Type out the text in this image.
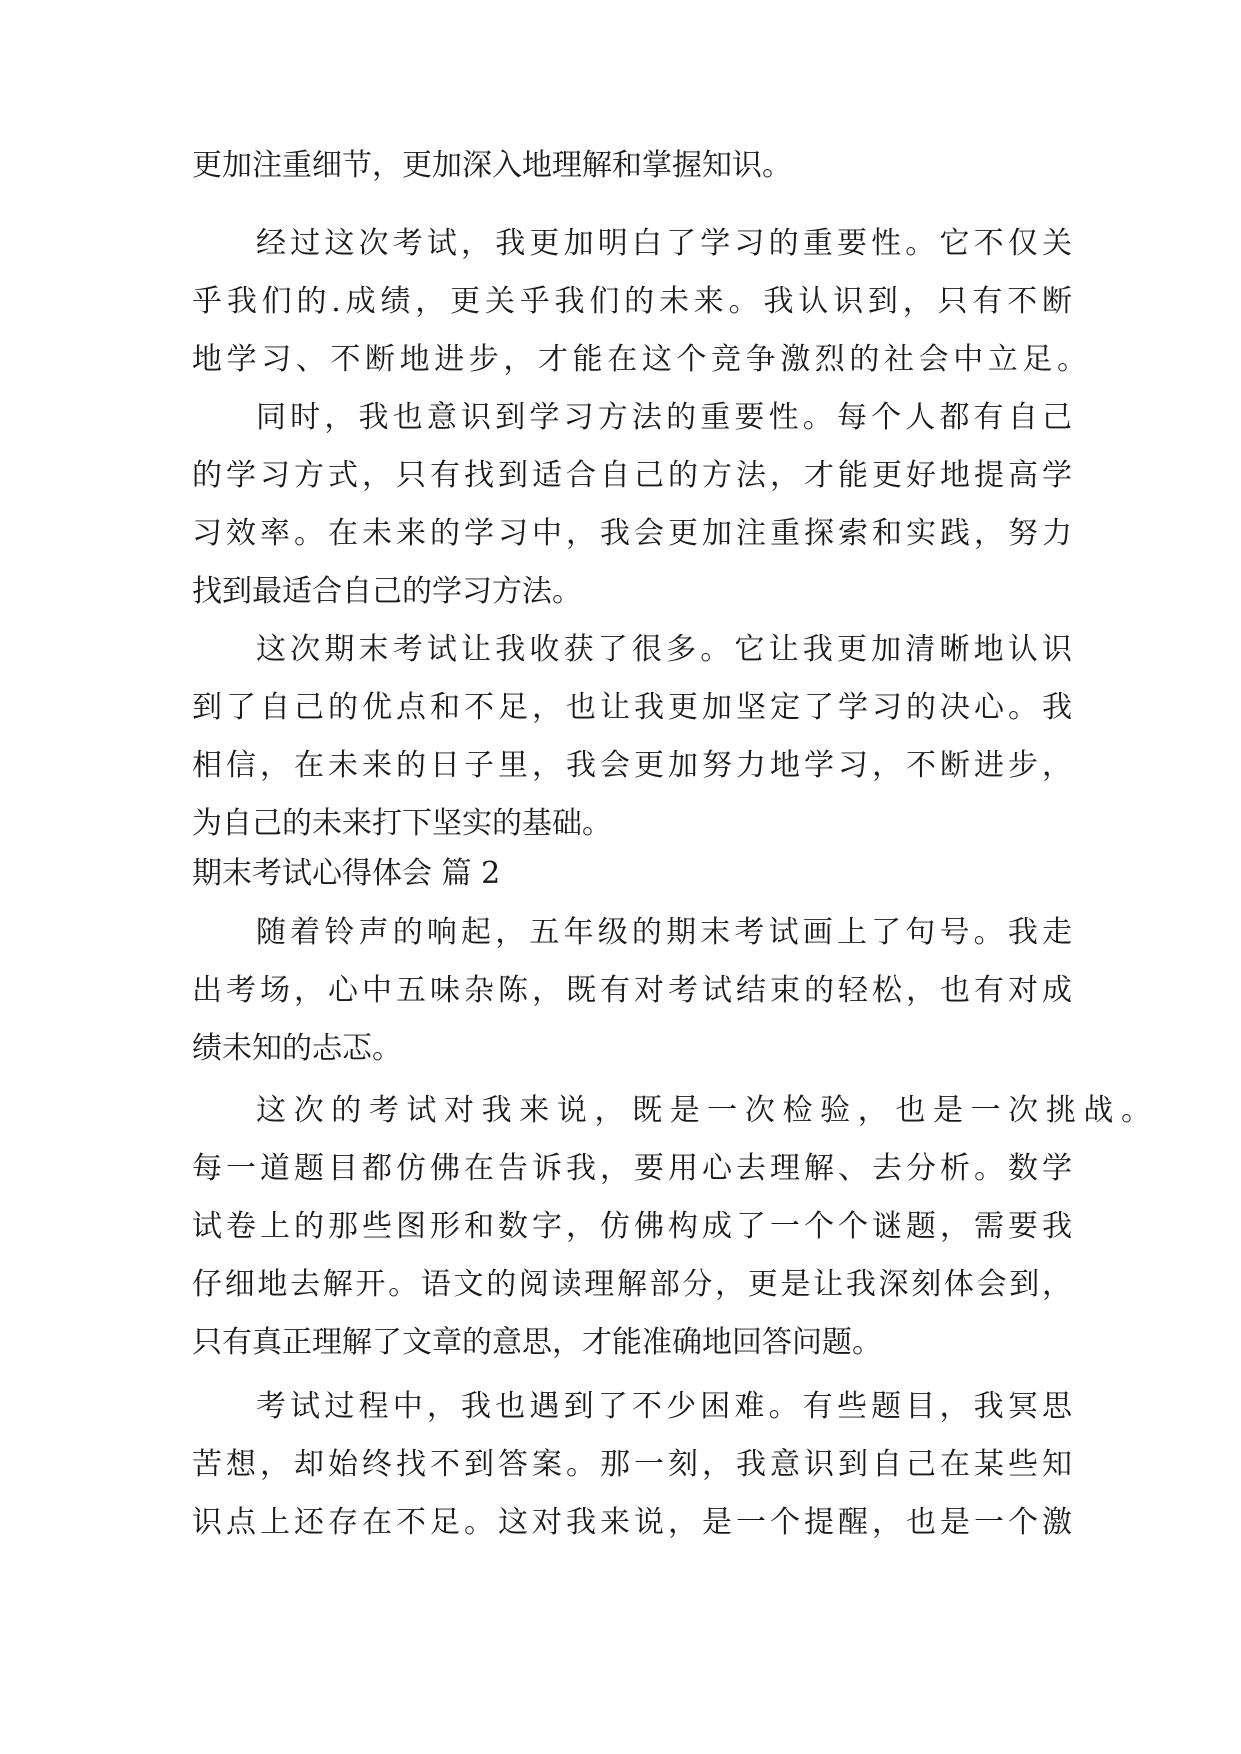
更加注重细节，更加深入地理解和掌握知识。
经过这次考试，我更加明白了学习的重要性。它不仅关
乎我们的.成绩，更关乎我们的未来。我认识到，只有不断
地学习、不断地进步，才能在这个竞争激烈的社会中立足。
同时，我也意识到学习方法的重要性。每个人都有自己
的学习方式，只有找到适合自己的方法，才能更好地提高学
习效率。在未来的学习中，我会更加注重探索和实践，努力
找到最适合自己的学习方法。
这次期末考试让我收获了很多。它让我更加清晰地认识
到了自己的优点和不足，也让我更加坚定了学习的决心。我
相信，在未来的日子里，我会更加努力地学习，不断进步，
为自己的未来打下坚实的基础。
期末考试心得体会 篇 2
随着铃声的响起，五年级的期末考试画上了句号。我走
出考场，心中五味杂陈，既有对考试结束的轻松，也有对成
绩未知的忐忑。
这次的考试对我来说，既是一次检验，也是一次挑战。
每一道题目都仿佛在告诉我，要用心去理解、去分析。数学
试卷上的那些图形和数字，仿佛构成了一个个谜题，需要我
仔细地去解开。语文的阅读理解部分，更是让我深刻体会到，
只有真正理解了文章的意思，才能准确地回答问题。
考试过程中，我也遇到了不少困难。有些题目，我冥思
苦想，却始终找不到答案。那一刻，我意识到自己在某些知
识点上还存在不足。这对我来说，是一个提醒，也是一个激
